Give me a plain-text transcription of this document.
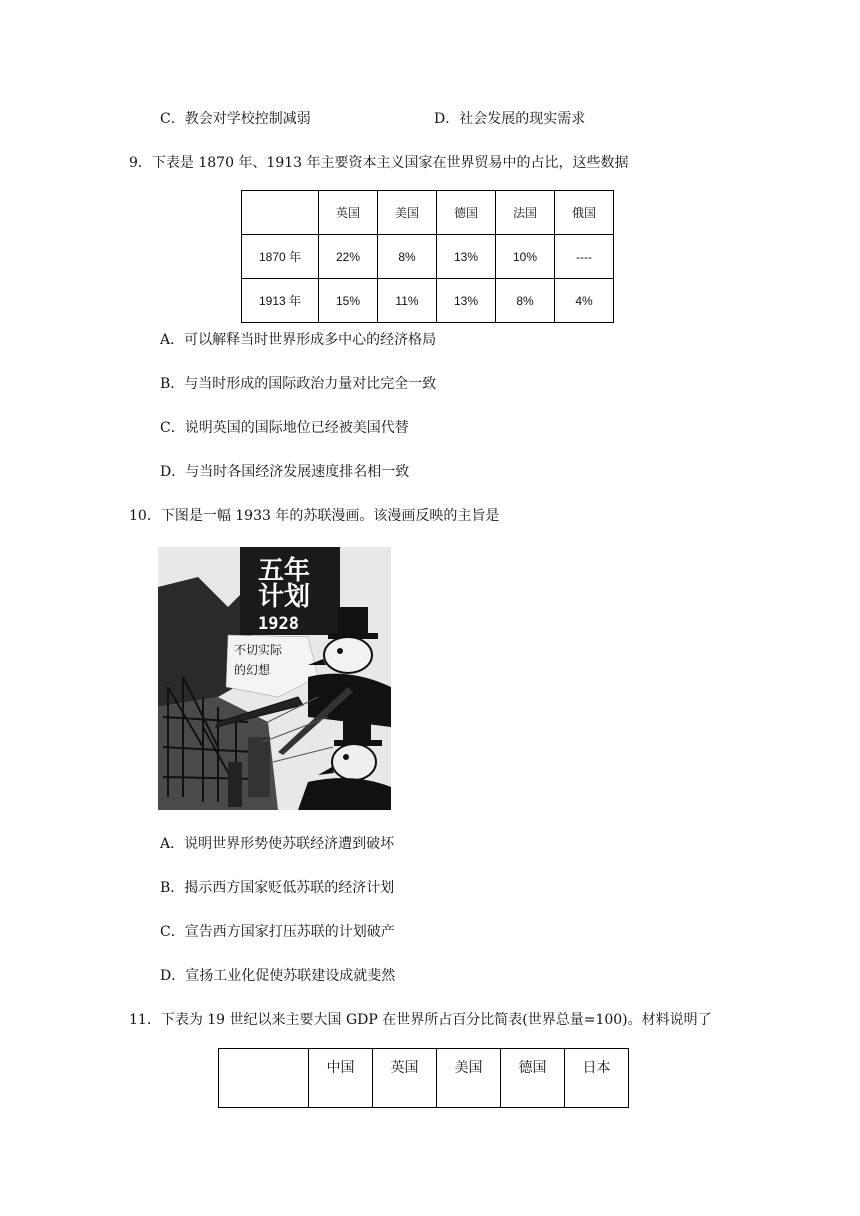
C．教会对学校控制减弱	D．社会发展的现实需求
9．下表是 1870 年、1913 年主要资本主义国家在世界贸易中的占比，这些数据
	英国	美国	德国	法国	俄国
1870 年	22%	8%	13%	10%	----
1913 年	15%	11%	13%	8%	4%
A．可以解释当时世界形成多中心的经济格局
B．与当时形成的国际政治力量对比完全一致
C．说明英国的国际地位已经被美国代替
D．与当时各国经济发展速度排名相一致
10．下图是一幅 1933 年的苏联漫画。该漫画反映的主旨是
五年
计划
1928
不切实际
的幻想
A．说明世界形势使苏联经济遭到破坏
B．揭示西方国家贬低苏联的经济计划
C．宣告西方国家打压苏联的计划破产
D．宣扬工业化促使苏联建设成就斐然
11．下表为 19 世纪以来主要大国 GDP 在世界所占百分比简表(世界总量=100)。材料说明了
	中国	英国	美国	德国	日本
